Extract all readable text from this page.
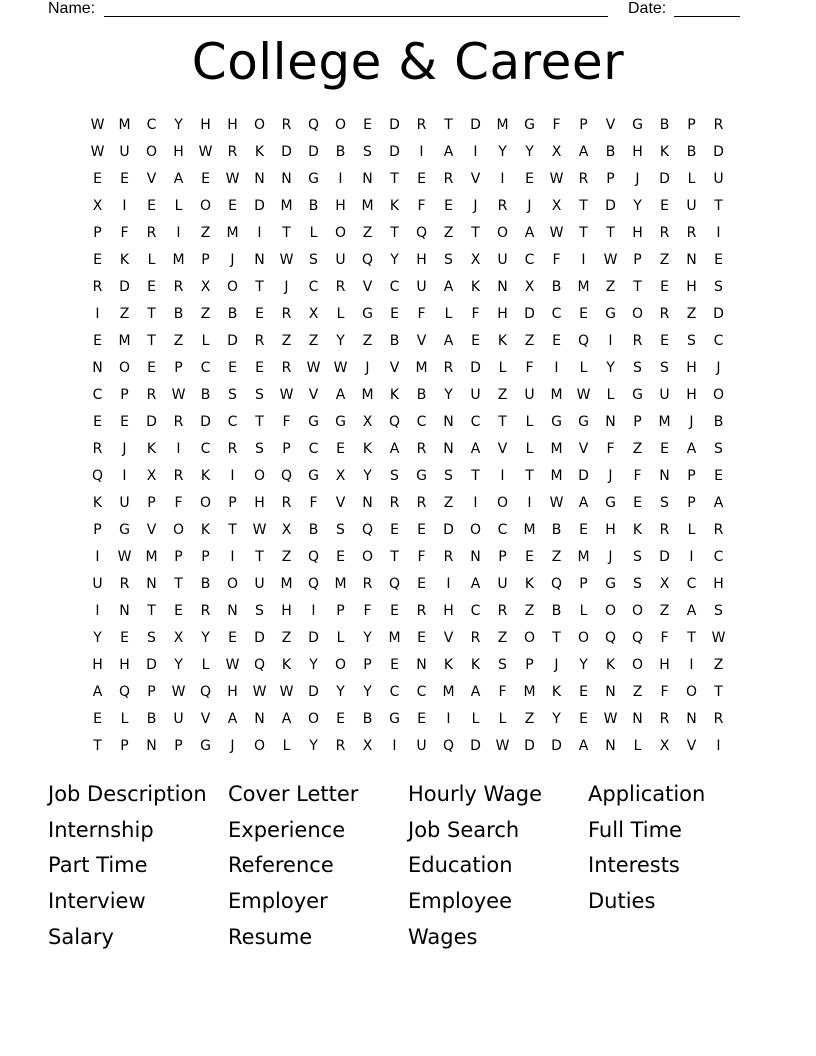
Name:	Date:
College & Career
W	M	C	Y	H	H	O	R	Q	O	E	D	R	T	D	M	G	F	P	V	G	B	P	R
W	U	O	H	W	R	K	D	D	B	S	D	I	A	I	Y	Y	X	A	B	H	K	B	D
E	E	V	A	E	W	N	N	G	I	N	T	E	R	V	I	E	W	R	P	J	D	L	U
X	I	E	L	O	E	D	M	B	H	M	K	F	E	J	R	J	X	T	D	Y	E	U	T
P	F	R	I	Z	M	I	T	L	O	Z	T	Q	Z	T	O	A	W	T	T	H	R	R	I
E	K	L	M	P	J	N	W	S	U	Q	Y	H	S	X	U	C	F	I	W	P	Z	N	E
R	D	E	R	X	O	T	J	C	R	V	C	U	A	K	N	X	B	M	Z	T	E	H	S
I	Z	T	B	Z	B	E	R	X	L	G	E	F	L	F	H	D	C	E	G	O	R	Z	D
E	M	T	Z	L	D	R	Z	Z	Y	Z	B	V	A	E	K	Z	E	Q	I	R	E	S	C
N	O	E	P	C	E	E	R	W W	J	V	M	R	D	L	F	I	L	Y	S	S	H	J
C	P	R	W	B	S	S	W	V	A	M	K	B	Y	U	Z	U	M	W	L	G	U	H	O
E	E	D	R	D	C	T	F	G	G	X	Q	C	N	C	T	L	G	G	N	P	M	J	B
R	J	K	I	C	R	S	P	C	E	K	A	R	N	A	V	L	M	V	F	Z	E	A	S
Q	I	X	R	K	I	O	Q	G	X	Y	S	G	S	T	I	T	M	D	J	F	N	P	E
K	U	P	F	O	P	H	R	F	V	N	R	R	Z	I	O	I	W	A	G	E	S	P	A
P	G	V	O	K	T	W	X	B	S	Q	E	E	D	O	C	M	B	E	H	K	R	L	R
I	W	M	P	P	I	T	Z	Q	E	O	T	F	R	N	P	E	Z	M	J	S	D	I	C
U	R	N	T	B	O	U	M	Q	M	R	Q	E	I	A	U	K	Q	P	G	S	X	C	H
I	N	T	E	R	N	S	H	I	P	F	E	R	H	C	R	Z	B	L	O	O	Z	A	S
Y	E	S	X	Y	E	D	Z	D	L	Y	M	E	V	R	Z	O	T	O	Q	Q	F	T	W
H	H	D	Y	L	W	Q	K	Y	O	P	E	N	K	K	S	P	J	Y	K	O	H	I	Z
A	Q	P	W	Q	H	W W	D	Y	Y	C	C	M	A	F	M	K	E	N	Z	F	O	T
E	L	B	U	V	A	N	A	O	E	B	G	E	I	L	L	Z	Y	E	W	N	R	N	R
T	P	N	P	G	J	O	L	Y	R	X	I	U	Q	D	W	D	D	A	N	L	X	V	I
Job Description	Cover Letter	Hourly Wage	Application
Internship	Experience	Job Search	Full Time
Part Time	Reference	Education	Interests
Interview	Employer	Employee	Duties
Salary	Resume	Wages
